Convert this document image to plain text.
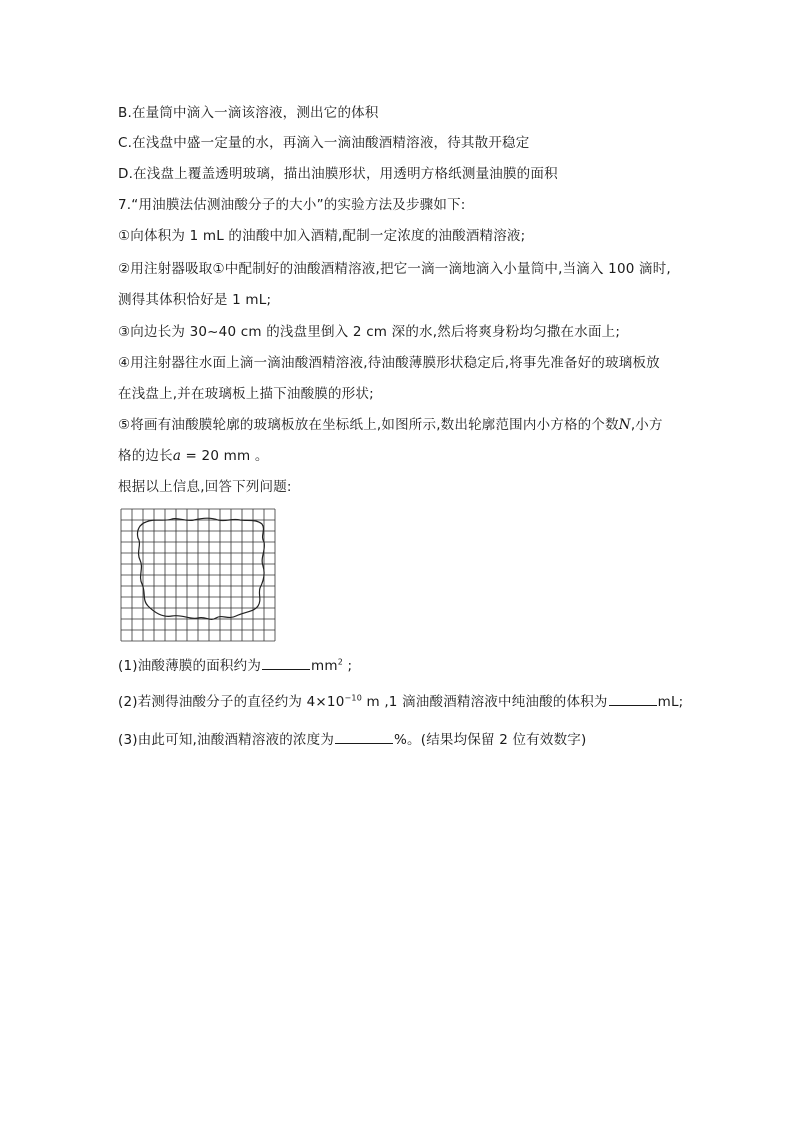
B.在量筒中滴入一滴该溶液，测出它的体积
C.在浅盘中盛一定量的水，再滴入一滴油酸酒精溶液，待其散开稳定
D.在浅盘上覆盖透明玻璃，描出油膜形状，用透明方格纸测量油膜的面积
7.“用油膜法估测油酸分子的大小”的实验方法及步骤如下:
①向体积为 1 mL 的油酸中加入酒精,配制一定浓度的油酸酒精溶液;
②用注射器吸取①中配制好的油酸酒精溶液,把它一滴一滴地滴入小量筒中,当滴入 100 滴时,
测得其体积恰好是 1 mL;
③向边长为 30~40 cm 的浅盘里倒入 2 cm 深的水,然后将爽身粉均匀撒在水面上;
④用注射器往水面上滴一滴油酸酒精溶液,待油酸薄膜形状稳定后,将事先准备好的玻璃板放
在浅盘上,并在玻璃板上描下油酸膜的形状;
⑤将画有油酸膜轮廓的玻璃板放在坐标纸上,如图所示,数出轮廓范围内小方格的个数N,小方
格的边长a = 20 mm 。
根据以上信息,回答下列问题:
(1)油酸薄膜的面积约为	$mm^2$ ;
(2)若测得油酸分子的直径约为 $4\times 10^{-10}$ m ,1 滴油酸酒精溶液中纯油酸的体积为	mL;
(3)由此可知,油酸酒精溶液的浓度为	%。(结果均保留 2 位有效数字)
